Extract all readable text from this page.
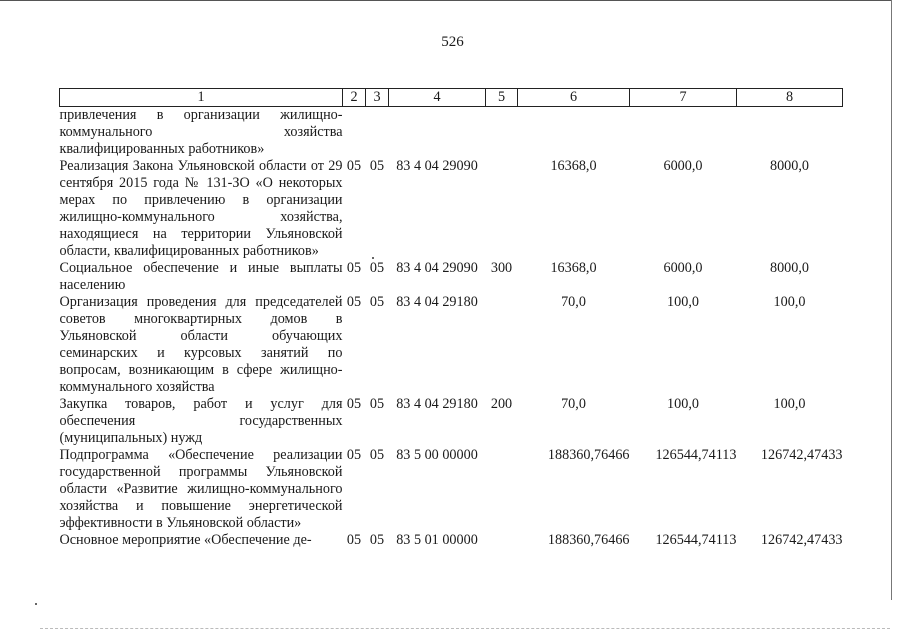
526
1	2	3	4	5	6	7	8
привлечения в организации жилищно-коммунального хозяйства квалифицированных работников»							
Реализация Закона Ульяновской области от 29 сентября 2015 года № 131-ЗО «О некоторых мерах по привлечению в организации жилищно-коммунального хозяйства, находящиеся на территории Ульяновской области, квалифицированных работников»	05	05	83 4 04 29090		16368,0	6000,0	8000,0
Социальное обеспечение и иные выплаты населению	05	05	83 4 04 29090	300	16368,0	6000,0	8000,0
Организация проведения для председателей советов многоквартирных домов в Ульяновской области обучающих семинарских и курсовых занятий по вопросам, возникающим в сфере жилищно-коммунального хозяйства	05	05	83 4 04 29180		70,0	100,0	100,0
Закупка товаров, работ и услуг для обеспечения государственных (муниципальных) нужд	05	05	83 4 04 29180	200	70,0	100,0	100,0
Подпрограмма «Обеспечение реализации государственной программы Ульяновской области «Развитие жилищно-коммунального хозяйства и повышение энергетической эффективности в Ульяновской области»	05	05	83 5 00 00000		188360,76466	126544,74113	126742,47433
Основное мероприятие «Обеспечение де-	05	05	83 5 01 00000		188360,76466	126544,74113	126742,47433
